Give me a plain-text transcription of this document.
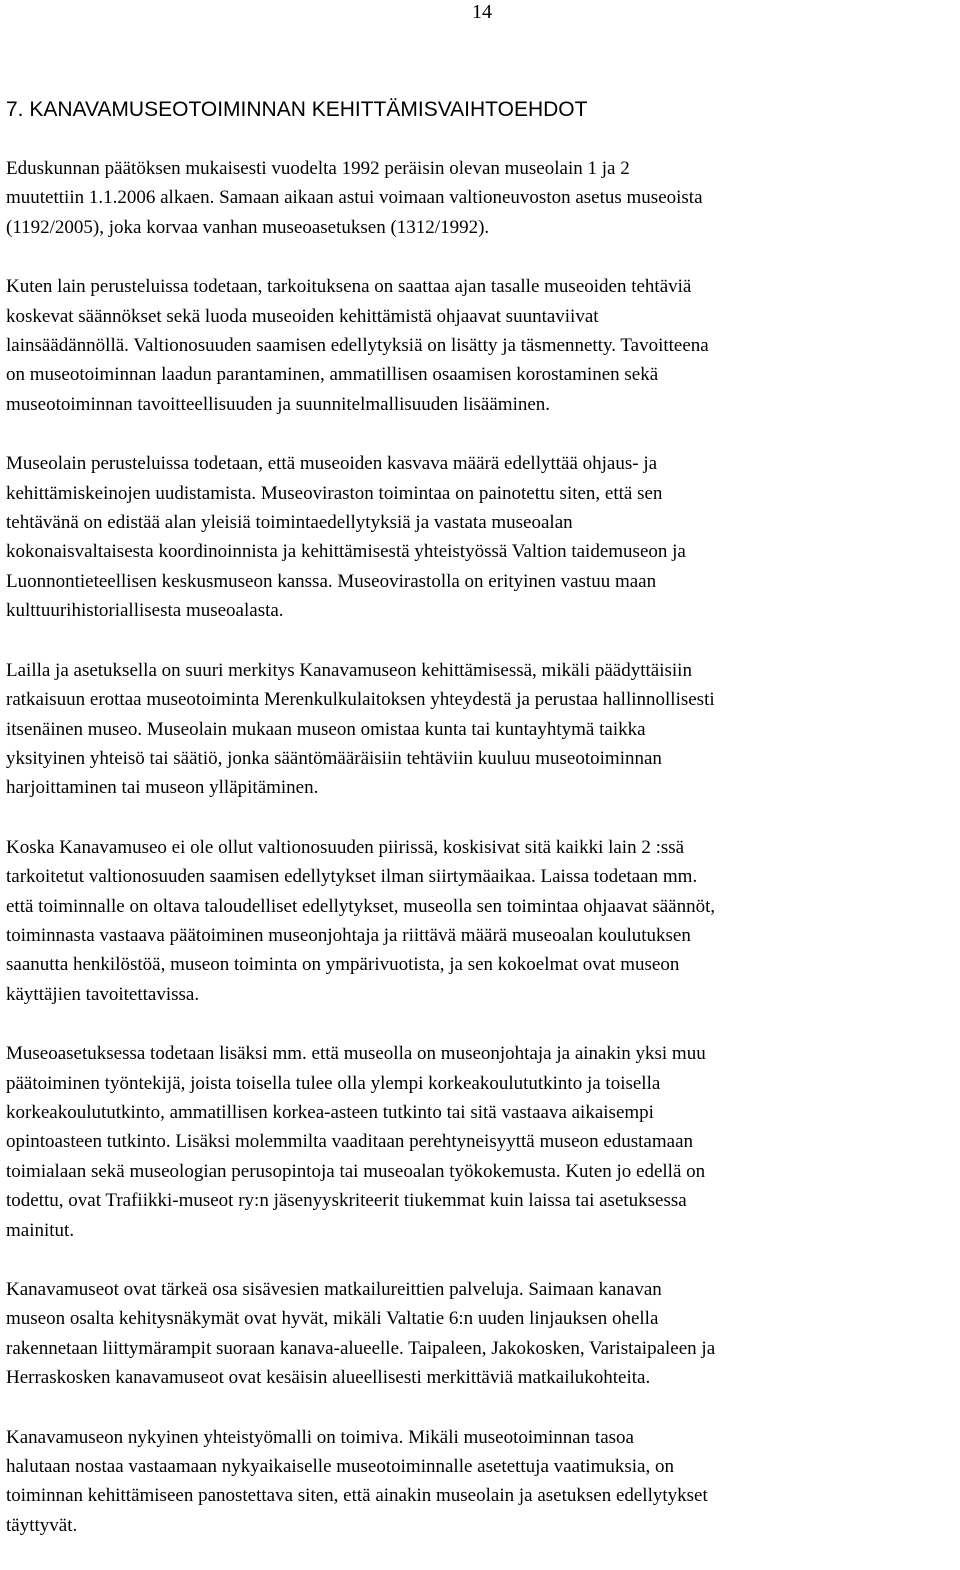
14
7. KANAVAMUSEOTOIMINNAN KEHITTÄMISVAIHTOEHDOT

Eduskunnan päätöksen mukaisesti vuodelta 1992 peräisin olevan museolain 1 ja 2
muutettiin 1.1.2006 alkaen. Samaan aikaan astui voimaan valtioneuvoston asetus museoista
(1192/2005), joka korvaa vanhan museoasetuksen (1312/1992).

Kuten lain perusteluissa todetaan, tarkoituksena on saattaa ajan tasalle museoiden tehtäviä
koskevat säännökset sekä luoda museoiden kehittämistä ohjaavat suuntaviivat
lainsäädännöllä. Valtionosuuden saamisen edellytyksiä on lisätty ja täsmennetty. Tavoitteena
on museotoiminnan laadun parantaminen, ammatillisen osaamisen korostaminen sekä
museotoiminnan tavoitteellisuuden ja suunnitelmallisuuden lisääminen.

Museolain perusteluissa todetaan, että museoiden kasvava määrä edellyttää ohjaus- ja
kehittämiskeinojen uudistamista. Museoviraston toimintaa on painotettu siten, että sen
tehtävänä on edistää alan yleisiä toimintaedellytyksiä ja vastata museoalan
kokonaisvaltaisesta koordinoinnista ja kehittämisestä yhteistyössä Valtion taidemuseon ja
Luonnontieteellisen keskusmuseon kanssa. Museovirastolla on erityinen vastuu maan
kulttuurihistoriallisesta museoalasta.

Lailla ja asetuksella on suuri merkitys Kanavamuseon kehittämisessä, mikäli päädyttäisiin
ratkaisuun erottaa museotoiminta Merenkulkulaitoksen yhteydestä ja perustaa hallinnollisesti
itsenäinen museo. Museolain mukaan museon omistaa kunta tai kuntayhtymä taikka
yksityinen yhteisö tai säätiö, jonka sääntömääräisiin tehtäviin kuuluu museotoiminnan
harjoittaminen tai museon ylläpitäminen.

Koska Kanavamuseo ei ole ollut valtionosuuden piirissä, koskisivat sitä kaikki lain 2 :ssä
tarkoitetut valtionosuuden saamisen edellytykset ilman siirtymäaikaa. Laissa todetaan mm.
että toiminnalle on oltava taloudelliset edellytykset, museolla sen toimintaa ohjaavat säännöt,
toiminnasta vastaava päätoiminen museonjohtaja ja riittävä määrä museoalan koulutuksen
saanutta henkilöstöä, museon toiminta on ympärivuotista, ja sen kokoelmat ovat museon
käyttäjien tavoitettavissa.

Museoasetuksessa todetaan lisäksi mm. että museolla on museonjohtaja ja ainakin yksi muu
päätoiminen työntekijä, joista toisella tulee olla ylempi korkeakoulututkinto ja toisella
korkeakoulututkinto, ammatillisen korkea-asteen tutkinto tai sitä vastaava aikaisempi
opintoasteen tutkinto. Lisäksi molemmilta vaaditaan perehtyneisyyttä museon edustamaan
toimialaan sekä museologian perusopintoja tai museoalan työkokemusta. Kuten jo edellä on
todettu, ovat Trafiikki-museot ry:n jäsenyyskriteerit tiukemmat kuin laissa tai asetuksessa
mainitut.

Kanavamuseot ovat tärkeä osa sisävesien matkailureittien palveluja. Saimaan kanavan
museon osalta kehitysnäkymät ovat hyvät, mikäli Valtatie 6:n uuden linjauksen ohella
rakennetaan liittymärampit suoraan kanava-alueelle. Taipaleen, Jakokosken, Varistaipaleen ja
Herraskosken kanavamuseot ovat kesäisin alueellisesti merkittäviä matkailukohteita.

Kanavamuseon nykyinen yhteistyömalli on toimiva. Mikäli museotoiminnan tasoa
halutaan nostaa vastaamaan nykyaikaiselle museotoiminnalle asetettuja vaatimuksia, on
toiminnan kehittämiseen panostettava siten, että ainakin museolain ja asetuksen edellytykset
täyttyvät.
